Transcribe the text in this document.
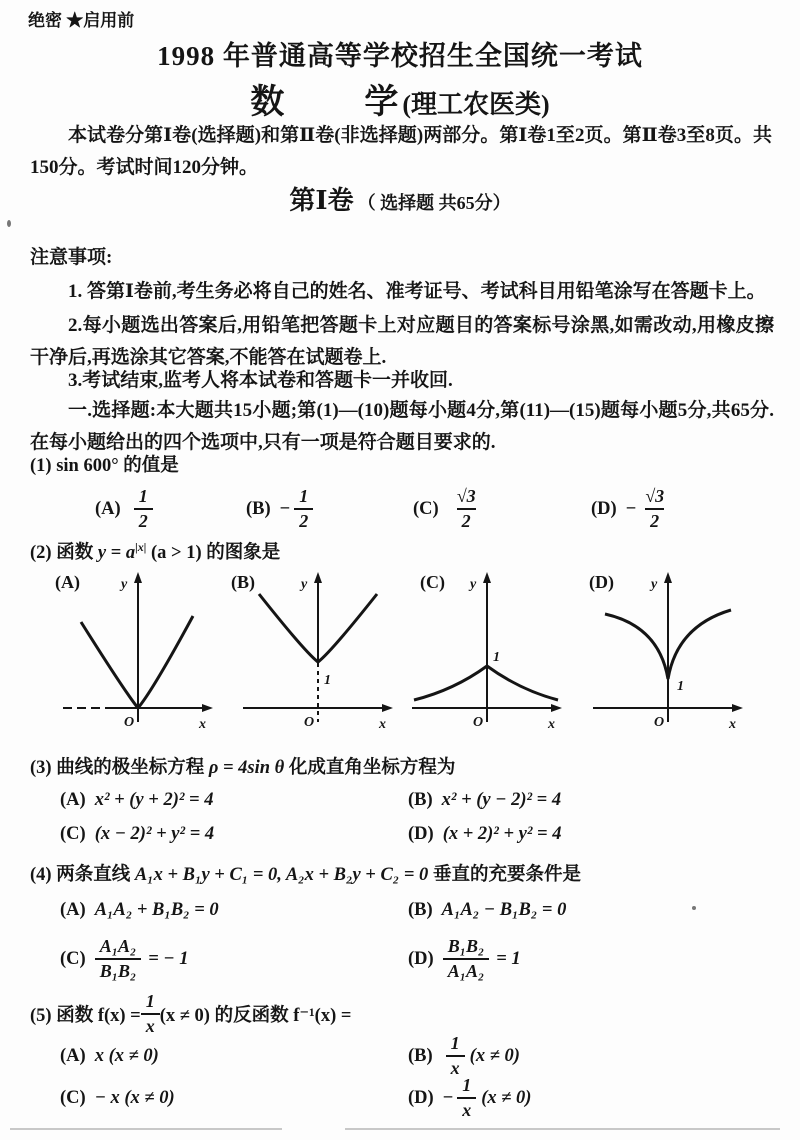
绝密 ★启用前
1998 年普通高等学校招生全国统一考试
数 学 (理工农医类)
本试卷分第Ⅰ卷(选择题)和第Ⅱ卷(非选择题)两部分。第Ⅰ卷1至2页。第Ⅱ卷3至8页。共150分。考试时间120分钟。
第Ⅰ卷 （ 选择题 共65分）
注意事项:
1. 答第Ⅰ卷前,考生务必将自己的姓名、准考证号、考试科目用铅笔涂写在答题卡上。
2.每小题选出答案后,用铅笔把答题卡上对应题目的答案标号涂黑,如需改动,用橡皮擦干净后,再选涂其它答案,不能答在试题卷上.
3.考试结束,监考人将本试卷和答题卡一并收回.
一.选择题:本大题共15小题;第(1)—(10)题每小题4分,第(11)—(15)题每小题5分,共65分.在每小题给出的四个选项中,只有一项是符合题目要求的.
(1) sin 600° 的值是
$(A) \frac{1}{2}$	$(B) - \frac{1}{2}$	$(C) \frac{√3}{2}$	$(D) - \frac{√3}{2}$
(2) 函数 $y = a^{|x|}$ (a > 1) 的图象是
(A)	y
x
O
(B)	y
x
O
1
(C) y
x
O
1
(D)	y
x
O
1
(3) 曲线的极坐标方程 ρ = 4sin θ 化成直角坐标方程为
(A) x² + (y + 2)² = 4	(B) x² + (y − 2)² = 4
(C) (x − 2)² + y² = 4	(D) (x + 2)² + y² = 4
(4) 两条直线 A₁x + B₁y + C₁ = 0, A₂x + B₂y + C₂ = 0 垂直的充要条件是
(A) A₁A₂ + B₁B₂ = 0	(B) A₁A₂ − B₁B₂ = 0
$(C) \frac{\text{A₁A₂}}{\text{B₁B₂}}$ = − 1	$(D) \frac{\text{B₁B₂}}{\text{A₁A₂}} = 1$
(5) 函数 $f(x) = \frac{1}{x} (x \ne 0)$ 的反函数 f⁻¹(x) =
(A) x (x ≠ 0)	$(B) \frac{1}{x} (x \ne 0)$
(C) − x (x ≠ 0)	$(D) - \frac{1}{x} (x \ne 0)$
